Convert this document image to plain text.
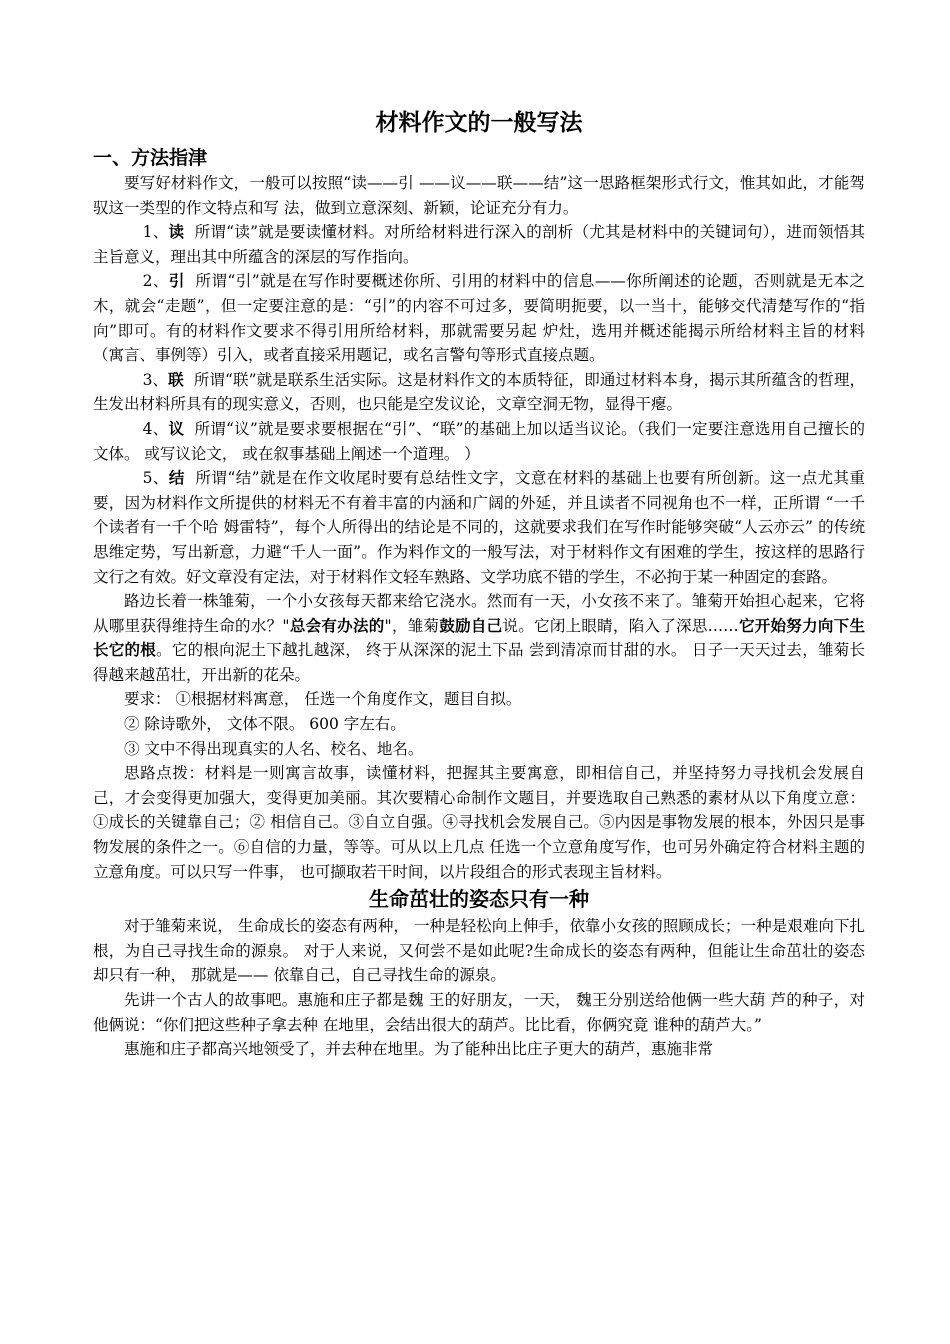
材料作文的一般写法
一、方法指津

要写好材料作文，一般可以按照“读——引 ——议——联——结”这一思路框架形式行文，惟其如此，才能驾驭这一类型的作文特点和写 法，做到立意深刻、新颖，论证充分有力。

1、读 所谓“读”就是要读懂材料。对所给材料进行深入的剖析（尤其是材料中的关键词句），进而领悟其主旨意义，理出其中所蕴含的深层的写作指向。

2、引 所谓“引”就是在写作时要概述你所、引用的材料中的信息——你所阐述的论题，否则就是无本之木，就会“走题”，但一定要注意的是：“引”的内容不可过多，要简明扼要，以一当十，能够交代清楚写作的“指向”即可。有的材料作文要求不得引用所给材料，那就需要另起 炉灶，选用并概述能揭示所给材料主旨的材料（寓言、事例等）引入，或者直接采用题记，或名言警句等形式直接点题。

3、联 所谓“联”就是联系生活实际。这是材料作文的本质特征，即通过材料本身，揭示其所蕴含的哲理，生发出材料所具有的现实意义，否则，也只能是空发议论，文章空洞无物，显得干瘪。

4、议 所谓“议”就是要求要根据在“引”、“联”的基础上加以适当议论。（我们一定要注意选用自己擅长的文体。 或写议论文， 或在叙事基础上阐述一个道理。 ）

5、结 所谓“结”就是在作文收尾时要有总结性文字，文意在材料的基础上也要有所创新。这一点尤其重要，因为材料作文所提供的材料无不有着丰富的内涵和广阔的外延，并且读者不同视角也不一样，正所谓 “一千个读者有一千个哈 姆雷特”，每个人所得出的结论是不同的，这就要求我们在写作时能够突破“人云亦云” 的传统思维定势，写出新意，力避“千人一面”。作为料作文的一般写法，对于材料作文有困难的学生，按这样的思路行文行之有效。好文章没有定法，对于材料作文轻车熟路、文学功底不错的学生，不必拘于某一种固定的套路。

路边长着一株雏菊，一个小女孩每天都来给它浇水。然而有一天，小女孩不来了。雏菊开始担心起来，它将从哪里获得维持生命的水？"总会有办法的"，雏菊鼓励自己说。它闭上眼睛，陷入了深思……它开始努力向下生长它的根。它的根向泥土下越扎越深， 终于从深深的泥土下品 尝到清凉而甘甜的水。 日子一天天过去，雏菊长得越来越茁壮，开出新的花朵。

要求： ①根据材料寓意， 任选一个角度作文，题目自拟。

② 除诗歌外， 文体不限。 600 字左右。

③ 文中不得出现真实的人名、校名、地名。

思路点拨：材料是一则寓言故事，读懂材料，把握其主要寓意，即相信自己，并坚持努力寻找机会发展自己，才会变得更加强大，变得更加美丽。其次要精心命制作文题目，并要选取自己熟悉的素材从以下角度立意：①成长的关键靠自己；② 相信自己。③自立自强。④寻找机会发展自己。⑤内因是事物发展的根本，外因只是事物发展的条件之一。⑥自信的力量，等等。可从以上几点 任选一个立意角度写作，也可另外确定符合材料主题的立意角度。可以只写一件事， 也可撷取若干时间，以片段组合的形式表现主旨材料。

生命茁壮的姿态只有一种

对于雏菊来说， 生命成长的姿态有两种， 一种是轻松向上伸手，依靠小女孩的照顾成长；一种是艰难向下扎根，为自己寻找生命的源泉。 对于人来说，又何尝不是如此呢?生命成长的姿态有两种，但能让生命茁壮的姿态却只有一种， 那就是—— 依靠自己，自己寻找生命的源泉。

先讲一个古人的故事吧。惠施和庄子都是魏 王的好朋友，一天， 魏王分别送给他俩一些大葫 芦的种子，对他俩说：“你们把这些种子拿去种 在地里，会结出很大的葫芦。比比看，你俩究竟 谁种的葫芦大。”

惠施和庄子都高兴地领受了，并去种在地里。为了能种出比庄子更大的葫芦，惠施非常
